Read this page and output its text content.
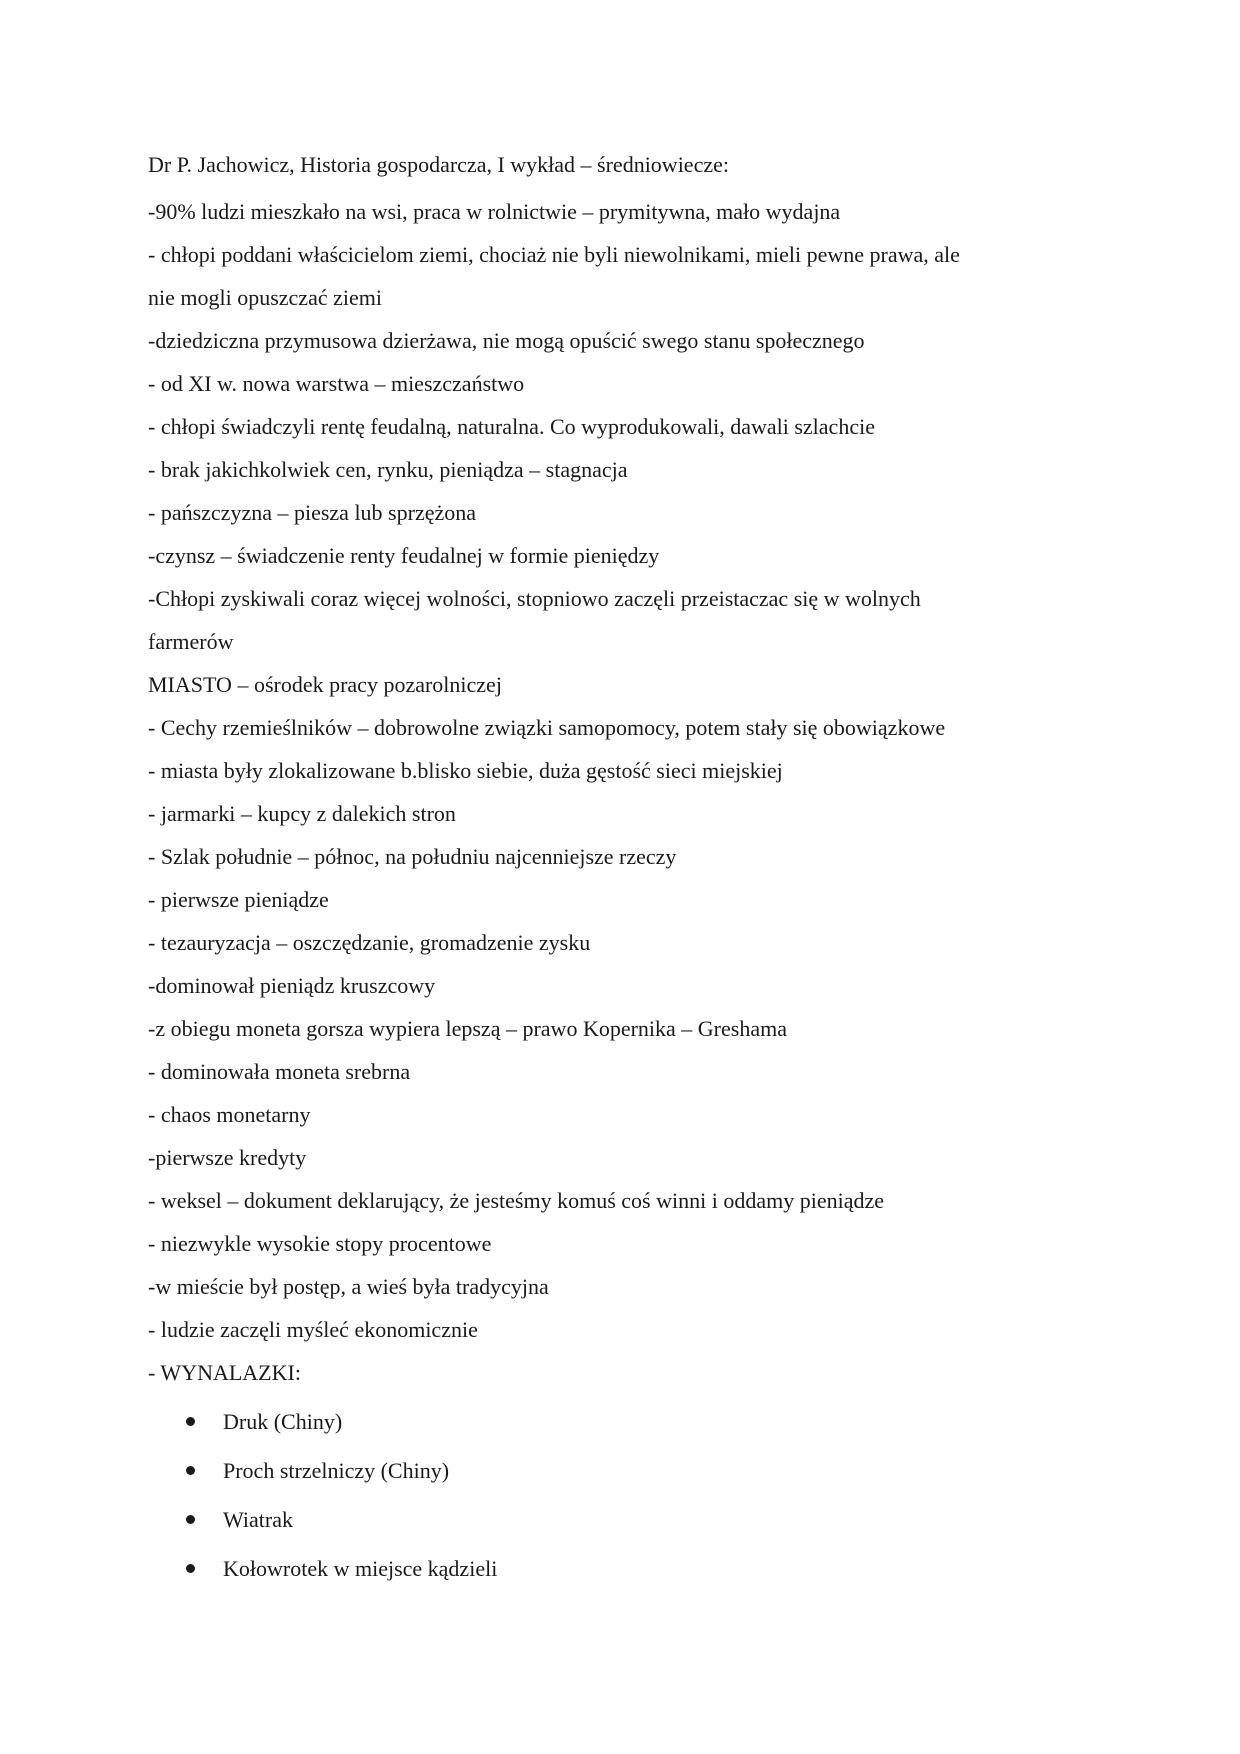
Dr P. Jachowicz, Historia gospodarcza, I wykład – średniowiecze:

-90% ludzi mieszkało na wsi, praca w rolnictwie – prymitywna, mało wydajna

- chłopi poddani właścicielom ziemi, chociaż nie byli niewolnikami, mieli pewne prawa, ale

nie mogli opuszczać ziemi

-dziedziczna przymusowa dzierżawa, nie mogą opuścić swego stanu społecznego

- od XI w. nowa warstwa – mieszczaństwo

- chłopi świadczyli rentę feudalną, naturalna. Co wyprodukowali, dawali szlachcie

- brak jakichkolwiek cen, rynku, pieniądza – stagnacja

- pańszczyzna – piesza lub sprzężona

-czynsz – świadczenie renty feudalnej w formie pieniędzy

-Chłopi zyskiwali coraz więcej wolności, stopniowo zaczęli przeistaczac się w wolnych

farmerów

MIASTO – ośrodek pracy pozarolniczej

- Cechy rzemieślników – dobrowolne związki samopomocy, potem stały się obowiązkowe

- miasta były zlokalizowane b.blisko siebie, duża gęstość sieci miejskiej

- jarmarki – kupcy z dalekich stron

- Szlak południe – północ, na południu najcenniejsze rzeczy

- pierwsze pieniądze

- tezauryzacja – oszczędzanie, gromadzenie zysku

-dominował pieniądz kruszcowy

-z obiegu moneta gorsza wypiera lepszą – prawo Kopernika – Greshama

- dominowała moneta srebrna

- chaos monetarny

-pierwsze kredyty

- weksel – dokument deklarujący, że jesteśmy komuś coś winni i oddamy pieniądze

- niezwykle wysokie stopy procentowe

-w mieście był postęp, a wieś była tradycyjna

- ludzie zaczęli myśleć ekonomicznie

- WYNALAZKI:

Druk (Chiny)
Proch strzelniczy (Chiny)
Wiatrak
Kołowrotek w miejsce kądzieli
